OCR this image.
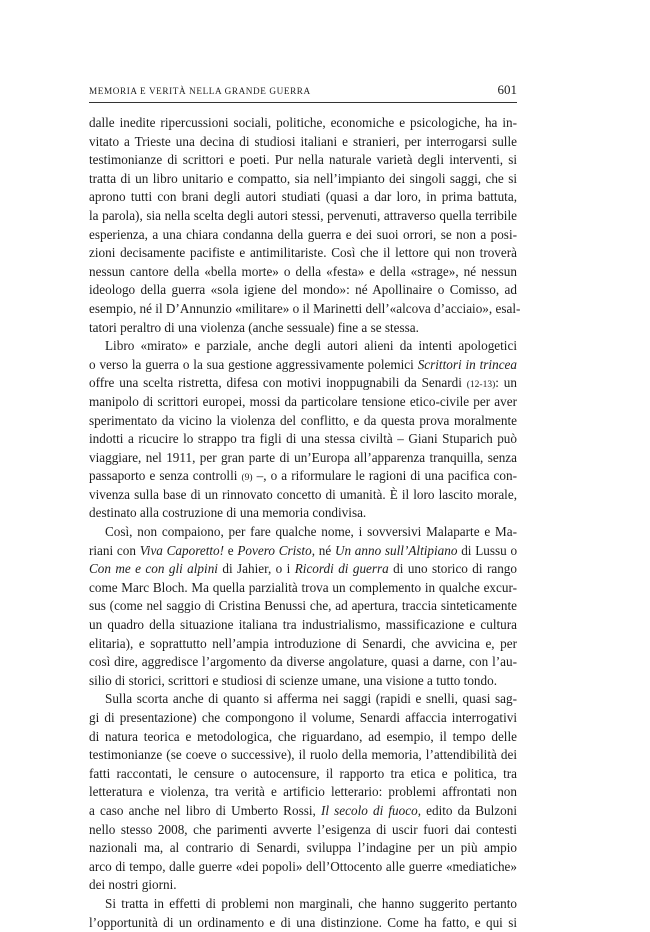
MEMORIA E VERITÀ NELLA GRANDE GUERRA	601
dalle inedite ripercussioni sociali, politiche, economiche e psicologiche, ha in-
vitato a Trieste una decina di studiosi italiani e stranieri, per interrogarsi sulle
testimonianze di scrittori e poeti. Pur nella naturale varietà degli interventi, si
tratta di un libro unitario e compatto, sia nell’impianto dei singoli saggi, che si
aprono tutti con brani degli autori studiati (quasi a dar loro, in prima battuta,
la parola), sia nella scelta degli autori stessi, pervenuti, attraverso quella terribile
esperienza, a una chiara condanna della guerra e dei suoi orrori, se non a posi-
zioni decisamente pacifiste e antimilitariste. Così che il lettore qui non troverà
nessun cantore della «bella morte» o della «festa» e della «strage», né nessun
ideologo della guerra «sola igiene del mondo»: né Apollinaire o Comisso, ad
esempio, né il D’Annunzio «militare» o il Marinetti dell’«alcova d’acciaio», esal-
tatori peraltro di una violenza (anche sessuale) fine a se stessa.
Libro «mirato» e parziale, anche degli autori alieni da intenti apologetici
o verso la guerra o la sua gestione aggressivamente polemici Scrittori in trincea
offre una scelta ristretta, difesa con motivi inoppugnabili da Senardi (12-13): un
manipolo di scrittori europei, mossi da particolare tensione etico-civile per aver
sperimentato da vicino la violenza del conflitto, e da questa prova moralmente
indotti a ricucire lo strappo tra figli di una stessa civiltà – Giani Stuparich può
viaggiare, nel 1911, per gran parte di un’Europa all’apparenza tranquilla, senza
passaporto e senza controlli (9) –, o a riformulare le ragioni di una pacifica con-
vivenza sulla base di un rinnovato concetto di umanità. È il loro lascito morale,
destinato alla costruzione di una memoria condivisa.
Così, non compaiono, per fare qualche nome, i sovversivi Malaparte e Ma-
riani con Viva Caporetto! e Povero Cristo, né Un anno sull’Altipiano di Lussu o
Con me e con gli alpini di Jahier, o i Ricordi di guerra di uno storico di rango
come Marc Bloch. Ma quella parzialità trova un complemento in qualche excur-
sus (come nel saggio di Cristina Benussi che, ad apertura, traccia sinteticamente
un quadro della situazione italiana tra industrialismo, massificazione e cultura
elitaria), e soprattutto nell’ampia introduzione di Senardi, che avvicina e, per
così dire, aggredisce l’argomento da diverse angolature, quasi a darne, con l’au-
silio di storici, scrittori e studiosi di scienze umane, una visione a tutto tondo.
Sulla scorta anche di quanto si afferma nei saggi (rapidi e snelli, quasi sag-
gi di presentazione) che compongono il volume, Senardi affaccia interrogativi
di natura teorica e metodologica, che riguardano, ad esempio, il tempo delle
testimonianze (se coeve o successive), il ruolo della memoria, l’attendibilità dei
fatti raccontati, le censure o autocensure, il rapporto tra etica e politica, tra
letteratura e violenza, tra verità e artificio letterario: problemi affrontati non
a caso anche nel libro di Umberto Rossi, Il secolo di fuoco, edito da Bulzoni
nello stesso 2008, che parimenti avverte l’esigenza di uscir fuori dai contesti
nazionali ma, al contrario di Senardi, sviluppa l’indagine per un più ampio
arco di tempo, dalle guerre «dei popoli» dell’Ottocento alle guerre «mediatiche»
dei nostri giorni.
Si tratta in effetti di problemi non marginali, che hanno suggerito pertanto
l’opportunità di un ordinamento e di una distinzione. Come ha fatto, e qui si
